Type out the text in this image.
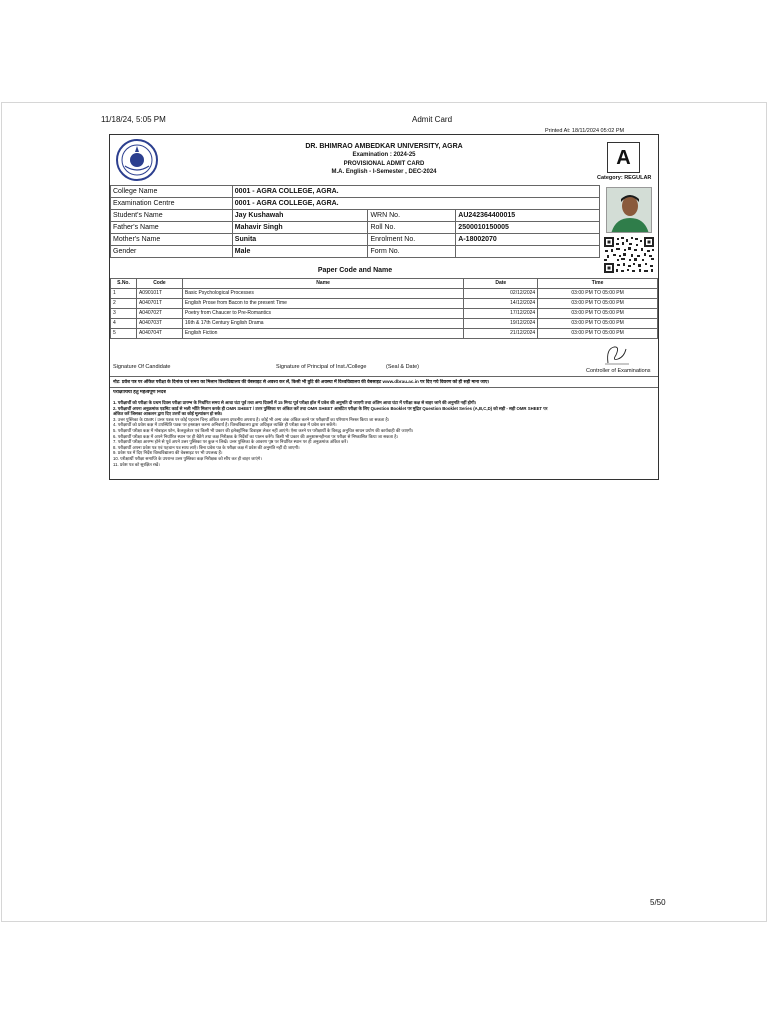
11/18/24, 5:05 PM	Admit Card
Printed At: 18/11/2024 05:02 PM
DR. BHIMRAO AMBEDKAR UNIVERSITY, AGRA
Examination : 2024-25
PROVISIONAL ADMIT CARD
M.A. English - I-Semester , DEC-2024
A
Category: REGULAR
College Name	0001 - AGRA COLLEGE, AGRA.		
Examination Centre	0001 - AGRA COLLEGE, AGRA.		
Student's Name	Jay Kushawah	WRN No.	AU242364400015
Father's Name	Mahavir Singh	Roll No.	2500010150005
Mother's Name	Sunita	Enrolment No.	A-18002070
Gender	Male	Form No.	
Paper Code and Name
S.No.	Code	Name	Date	Time
1	A090101T	Basic Psychological Processes	02/12/2024	03:00 PM TO 05:00 PM
2	A040701T	English Prose from Bacon to the present Time	14/12/2024	03:00 PM TO 05:00 PM
3	A040702T	Poetry from Chaucer to Pre-Romantics	17/12/2024	03:00 PM TO 05:00 PM
4	A040703T	16th & 17th Century English Drama	19/12/2024	03:00 PM TO 05:00 PM
5	A040704T	English Fiction	21/12/2024	03:00 PM TO 05:00 PM
Signature Of Candidate	Signature of Principal of Inst./College	(Seal & Date)
Controller of Examinations
नोट: प्रवेश पत्र पर अंकित परीक्षा के दिनांक एवं समय का मिलान विश्वविद्यालय की वेबसाइट से अवश्य कर लें, किसी भी त्रुटि की अवस्था में विश्वविद्यालय की वेबसाइट www.dbrau.ac.in पर दिए गये विवरण को ही सही माना जाए।
परीक्षार्थियों हेतु महत्वपूर्ण निर्देश
1. परीक्षार्थी को परीक्षा के प्रथम दिवस परीक्षा प्रारम्भ के निर्धारित समय से आधा घंटा पूर्व तथा अन्य दिवसों में 15 मिनट पूर्व परीक्षा हॉल में प्रवेश की अनुमति दी जाएगी तथा अंतिम आधा घंटा में परीक्षा कक्ष से बाहर जाने की अनुमति नहीं होगी।
2. परीक्षार्थी अपना अनुक्रमांक एडमिट कार्ड से भली भाँति मिलान करके ही OMR SHEET / उत्तर पुस्तिका पर अंकित करें तथा OMR SHEET आबंटित परीक्षा के लिए Question Booklet पर मुद्रित Question Booklet Series (A,B,C,D) को सही - सही OMR SHEET पर
अंकित करें जिसका आकलन द्वारा दिए उत्तरों का कोई मूल्यांकन हो सके।
3. उत्तर पुस्तिका के OMR / उत्तर पत्रक पर कोई पहचान चिन्ह अंकित करना दण्डनीय अपराध है। कोई भी अन्य अंक अंकित करने पर परीक्षार्थी का परिणाम निरस्त किया जा सकता है।
4. परीक्षार्थी को प्रवेश कक्ष में उपस्थिति पत्रक पर हस्ताक्षर करना अनिवार्य है। विश्वविद्यालय द्वारा अधिकृत व्यक्ति ही परीक्षा कक्ष में प्रवेश कर सकेंगे।
5. परीक्षार्थी परीक्षा कक्ष में मोबाइल फोन, कैलकुलेटर एवं किसी भी प्रकार की इलेक्ट्रॉनिक डिवाइस लेकर नहीं आएंगे। ऐसा करने पर परीक्षार्थी के विरुद्ध अनुचित साधन प्रयोग की कार्यवाही की जाएगी।
6. परीक्षार्थी परीक्षा कक्ष में अपने निर्धारित स्थान पर ही बैठेंगे तथा कक्ष निरीक्षक के निर्देशों का पालन करेंगे। किसी भी प्रकार की अनुशासनहीनता पर परीक्षा से निष्कासित किया जा सकता है।
7. परीक्षार्थी परीक्षा आरम्भ होने से पूर्व अपने उत्तर पुस्तिका पर कुछ न लिखें। उत्तर पुस्तिका के आवरण पृष्ठ पर निर्धारित स्थान पर ही अनुक्रमांक अंकित करें।
8. परीक्षार्थी अपना प्रवेश पत्र एवं पहचान पत्र साथ लाएँ। बिना प्रवेश पत्र के परीक्षा कक्ष में प्रवेश की अनुमति नहीं दी जाएगी।
9. प्रवेश पत्र में दिए निर्देश विश्वविद्यालय की वेबसाइट पर भी उपलब्ध हैं।
10. परीक्षार्थी परीक्षा समाप्ति के उपरान्त उत्तर पुस्तिका कक्ष निरीक्षक को सौंप कर ही बाहर जाएंगे।
11. प्रवेश पत्र को सुरक्षित रखें।
5/50
